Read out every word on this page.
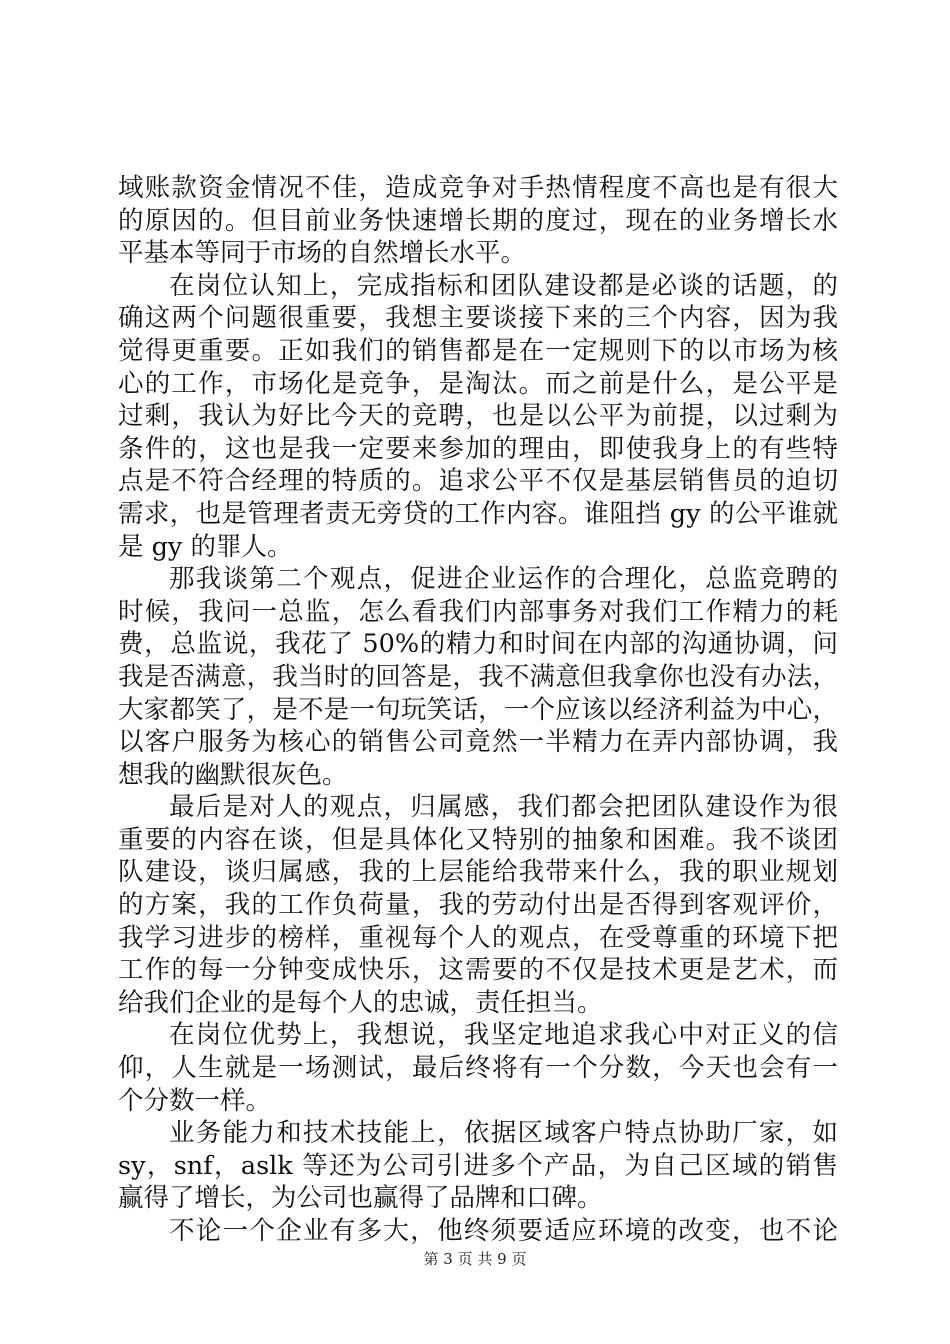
域账款资金情况不佳，造成竞争对手热情程度不高也是有很大
的原因的。但目前业务快速增长期的度过，现在的业务增长水
平基本等同于市场的自然增长水平。
在岗位认知上，完成指标和团队建设都是必谈的话题，的
确这两个问题很重要，我想主要谈接下来的三个内容，因为我
觉得更重要。正如我们的销售都是在一定规则下的以市场为核
心的工作，市场化是竞争，是淘汰。而之前是什么，是公平是
过剩，我认为好比今天的竞聘，也是以公平为前提，以过剩为
条件的，这也是我一定要来参加的理由，即使我身上的有些特
点是不符合经理的特质的。追求公平不仅是基层销售员的迫切
需求，也是管理者责无旁贷的工作内容。谁阻挡 gy 的公平谁就
是 gy 的罪人。
那我谈第二个观点，促进企业运作的合理化，总监竞聘的
时候，我问一总监，怎么看我们内部事务对我们工作精力的耗
费，总监说，我花了 50%的精力和时间在内部的沟通协调，问
我是否满意，我当时的回答是，我不满意但我拿你也没有办法，
大家都笑了，是不是一句玩笑话，一个应该以经济利益为中心，
以客户服务为核心的销售公司竟然一半精力在弄内部协调，我
想我的幽默很灰色。
最后是对人的观点，归属感，我们都会把团队建设作为很
重要的内容在谈，但是具体化又特别的抽象和困难。我不谈团
队建设，谈归属感，我的上层能给我带来什么，我的职业规划
的方案，我的工作负荷量，我的劳动付出是否得到客观评价，
我学习进步的榜样，重视每个人的观点，在受尊重的环境下把
工作的每一分钟变成快乐，这需要的不仅是技术更是艺术，而
给我们企业的是每个人的忠诚，责任担当。
在岗位优势上，我想说，我坚定地追求我心中对正义的信
仰，人生就是一场测试，最后终将有一个分数，今天也会有一
个分数一样。
业务能力和技术技能上，依据区域客户特点协助厂家，如
sy，snf，aslk 等还为公司引进多个产品，为自己区域的销售
赢得了增长，为公司也赢得了品牌和口碑。
不论一个企业有多大，他终须要适应环境的改变，也不论
第 3 页 共 9 页
